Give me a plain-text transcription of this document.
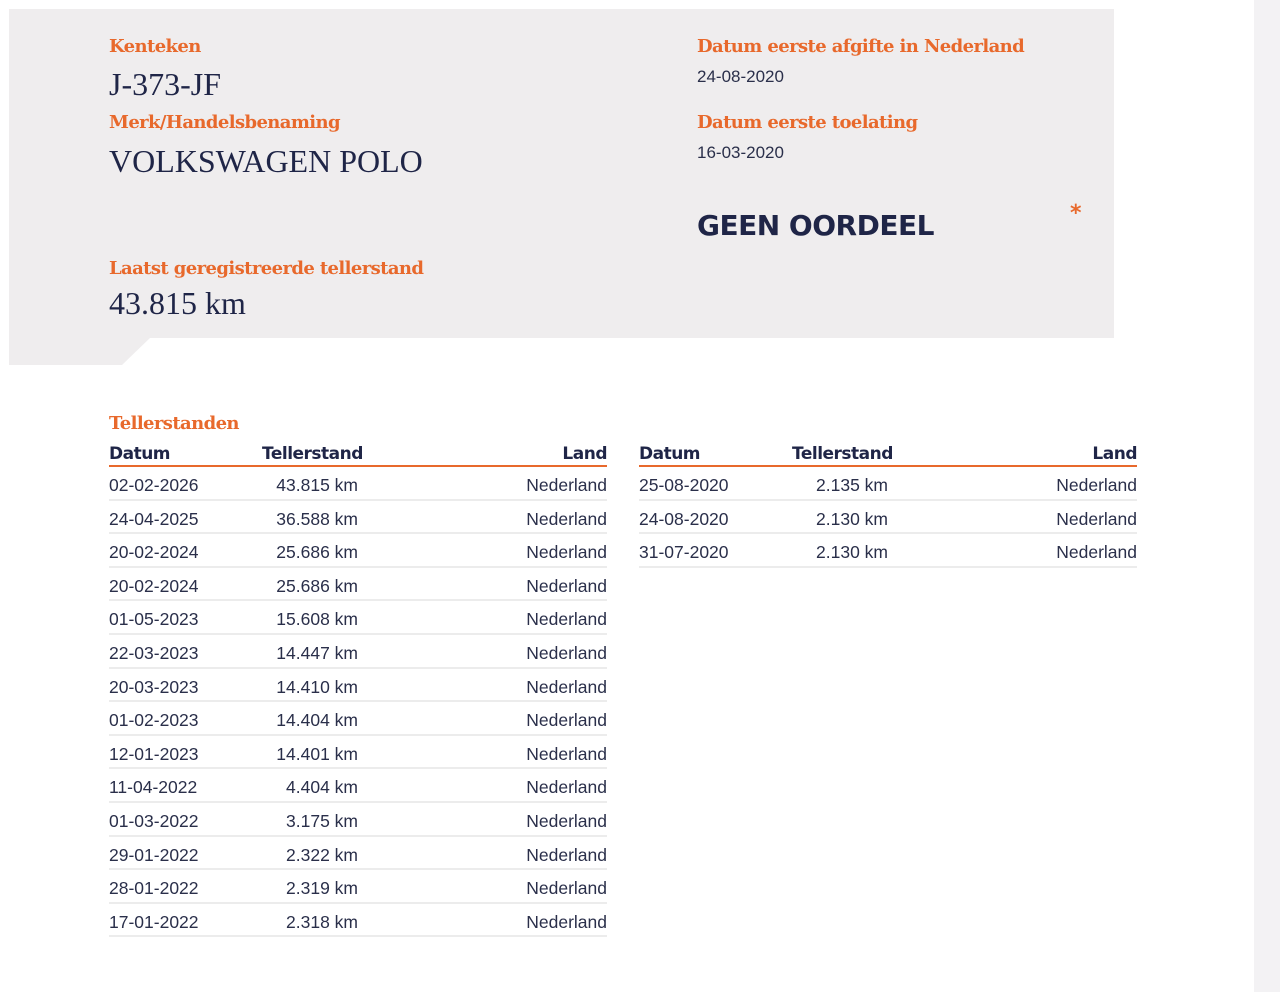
Kenteken
J-373-JF
Merk/Handelsbenaming
VOLKSWAGEN POLO
Laatst geregistreerde tellerstand
43.815 km
Datum eerste afgifte in Nederland
24-08-2020
Datum eerste toelating
16-03-2020
GEEN OORDEEL	*
Tellerstanden
Datum	Tellerstand	Land
02-02-2026	43.815 km	Nederland
24-04-2025	36.588 km	Nederland
20-02-2024	25.686 km	Nederland
20-02-2024	25.686 km	Nederland
01-05-2023	15.608 km	Nederland
22-03-2023	14.447 km	Nederland
20-03-2023	14.410 km	Nederland
01-02-2023	14.404 km	Nederland
12-01-2023	14.401 km	Nederland
11-04-2022	4.404 km	Nederland
01-03-2022	3.175 km	Nederland
29-01-2022	2.322 km	Nederland
28-01-2022	2.319 km	Nederland
17-01-2022	2.318 km	Nederland
Datum	Tellerstand	Land
25-08-2020	2.135 km	Nederland
24-08-2020	2.130 km	Nederland
31-07-2020	2.130 km	Nederland
